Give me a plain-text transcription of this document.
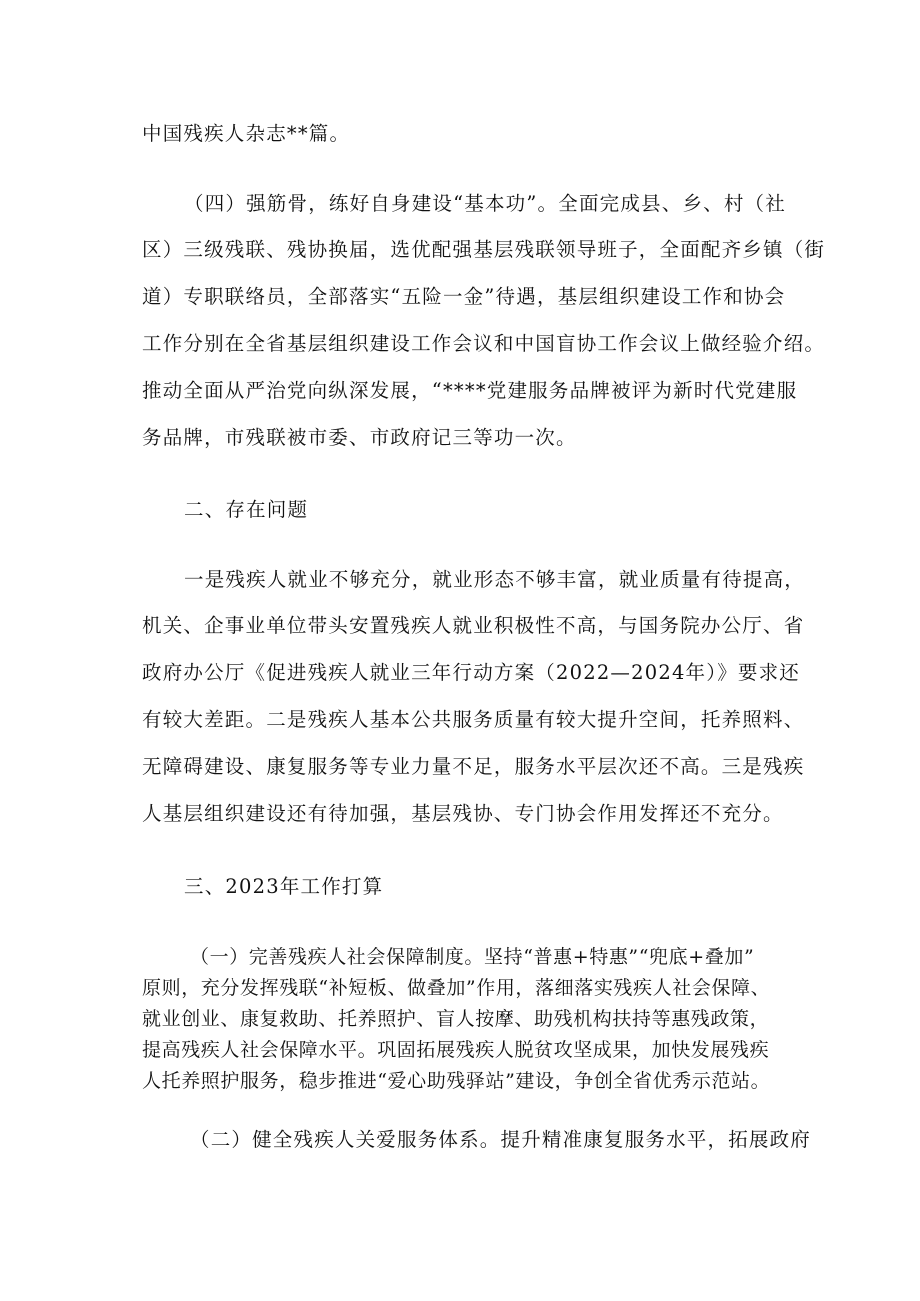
中国残疾人杂志**篇。
（四）强筋骨，练好自身建设“基本功”。全面完成县、乡、村（社
区）三级残联、残协换届，选优配强基层残联领导班子，全面配齐乡镇（街
道）专职联络员，全部落实“五险一金”待遇，基层组织建设工作和协会
工作分别在全省基层组织建设工作会议和中国盲协工作会议上做经验介绍。
推动全面从严治党向纵深发展，“****党建服务品牌被评为新时代党建服
务品牌，市残联被市委、市政府记三等功一次。
二、存在问题
一是残疾人就业不够充分，就业形态不够丰富，就业质量有待提高，
机关、企事业单位带头安置残疾人就业积极性不高，与国务院办公厅、省
政府办公厅《促进残疾人就业三年行动方案（2022—2024年）》要求还
有较大差距。二是残疾人基本公共服务质量有较大提升空间，托养照料、
无障碍建设、康复服务等专业力量不足，服务水平层次还不高。三是残疾
人基层组织建设还有待加强，基层残协、专门协会作用发挥还不充分。
三、2023年工作打算
（一）完善残疾人社会保障制度。坚持“普惠+特惠”“兜底+叠加”
原则，充分发挥残联“补短板、做叠加”作用，落细落实残疾人社会保障、
就业创业、康复救助、托养照护、盲人按摩、助残机构扶持等惠残政策，
提高残疾人社会保障水平。巩固拓展残疾人脱贫攻坚成果，加快发展残疾
人托养照护服务，稳步推进“爱心助残驿站”建设，争创全省优秀示范站。
（二）健全残疾人关爱服务体系。提升精准康复服务水平，拓展政府
